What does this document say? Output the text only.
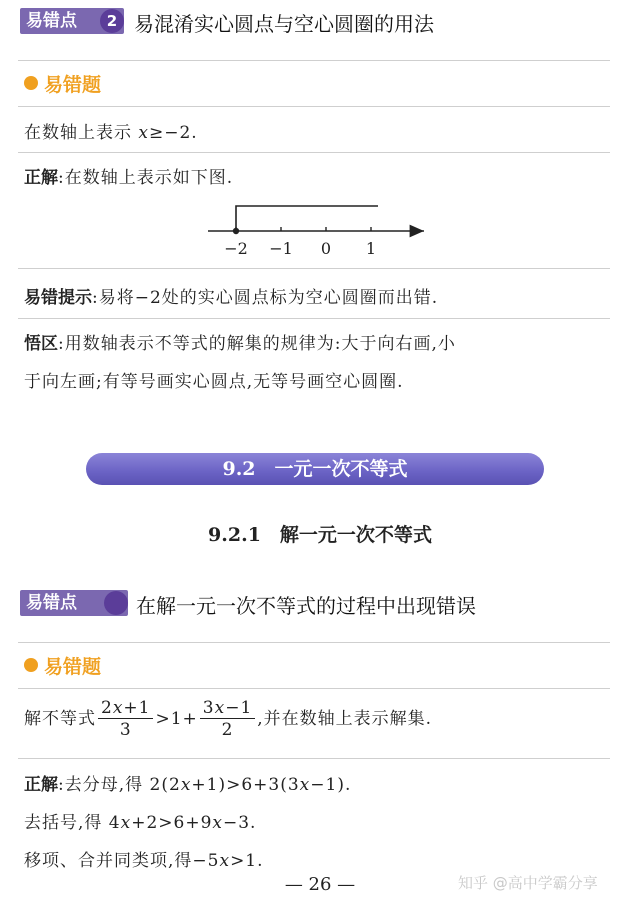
易错点	2 易混淆实心圆点与空心圆圈的用法
易错题
在数轴上表示 x≥−2.
正解:在数轴上表示如下图.
−2 −1 0 1
易错提示:易将−2处的实心圆点标为空心圆圈而出错.
悟区:用数轴表示不等式的解集的规律为:大于向右画,小
于向左画;有等号画实心圆点,无等号画空心圆圈.
9.2　一元一次不等式
9.2.1　解一元一次不等式
易错点	在解一元一次不等式的过程中出现错误
易错题
解不等式 $\frac{2x+1}{3} >1+ \frac{3x-1}{2}$ ,并在数轴上表示解集.
正解:去分母,得 2(2x+1)>6+3(3x−1).
去括号,得 4x+2>6+9x−3.
移项、合并同类项,得−5x>1.
— 26 —	知乎 @高中学霸分享
